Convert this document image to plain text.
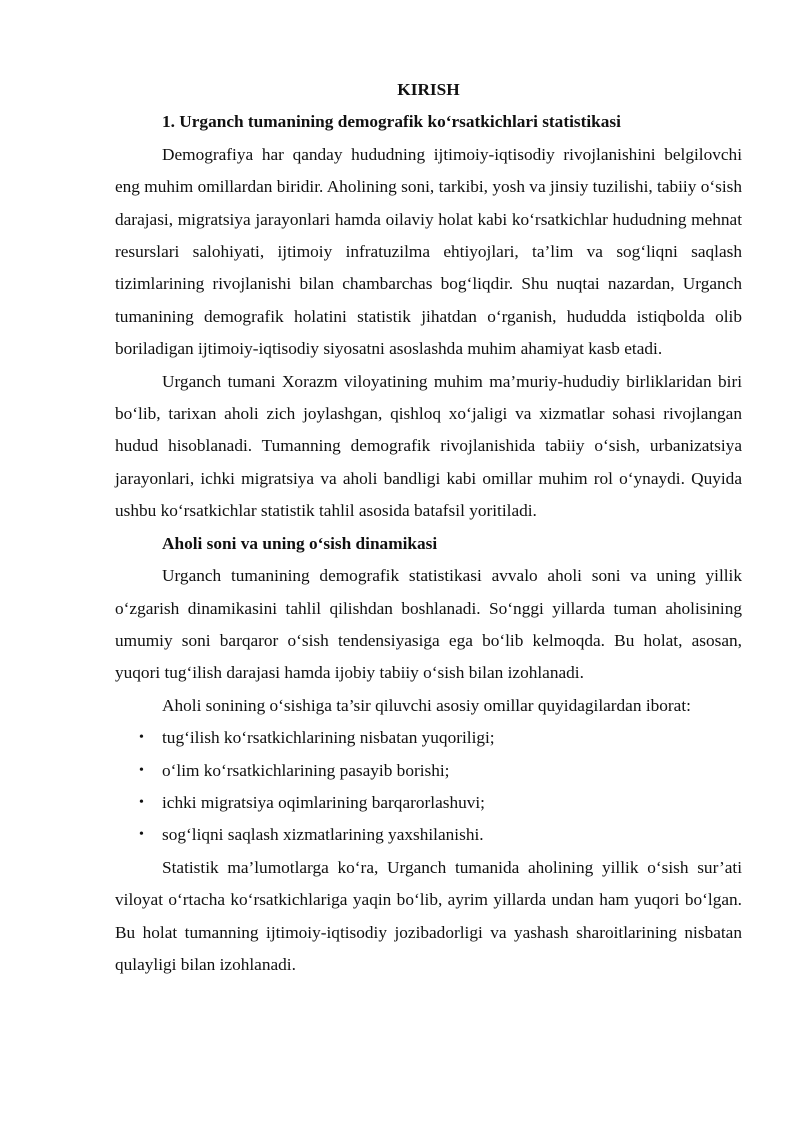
KIRISH

1. Urganch tumanining demografik ko‘rsatkichlari statistikasi

Demografiya har qanday hududning ijtimoiy-iqtisodiy rivojlanishini belgilovchi eng muhim omillardan biridir. Aholining soni, tarkibi, yosh va jinsiy tuzilishi, tabiiy o‘sish darajasi, migratsiya jarayonlari hamda oilaviy holat kabi ko‘rsatkichlar hududning mehnat resurslari salohiyati, ijtimoiy infratuzilma ehtiyojlari, ta’lim va sog‘liqni saqlash tizimlarining rivojlanishi bilan chambarchas bog‘liqdir. Shu nuqtai nazardan, Urganch tumanining demografik holatini statistik jihatdan o‘rganish, hududda istiqbolda olib boriladigan ijtimoiy-iqtisodiy siyosatni asoslashda muhim ahamiyat kasb etadi.

Urganch tumani Xorazm viloyatining muhim ma’muriy-hududiy birliklaridan biri bo‘lib, tarixan aholi zich joylashgan, qishloq xo‘jaligi va xizmatlar sohasi rivojlangan hudud hisoblanadi. Tumanning demografik rivojlanishida tabiiy o‘sish, urbanizatsiya jarayonlari, ichki migratsiya va aholi bandligi kabi omillar muhim rol o‘ynaydi. Quyida ushbu ko‘rsatkichlar statistik tahlil asosida batafsil yoritiladi.

Aholi soni va uning o‘sish dinamikasi

Urganch tumanining demografik statistikasi avvalo aholi soni va uning yillik o‘zgarish dinamikasini tahlil qilishdan boshlanadi. So‘nggi yillarda tuman aholisining umumiy soni barqaror o‘sish tendensiyasiga ega bo‘lib kelmoqda. Bu holat, asosan, yuqori tug‘ilish darajasi hamda ijobiy tabiiy o‘sish bilan izohlanadi.

Aholi sonining o‘sishiga ta’sir qiluvchi asosiy omillar quyidagilardan iborat:

• tug‘ilish ko‘rsatkichlarining nisbatan yuqoriligi;
• o‘lim ko‘rsatkichlarining pasayib borishi;
• ichki migratsiya oqimlarining barqarorlashuvi;
• sog‘liqni saqlash xizmatlarining yaxshilanishi.

Statistik ma’lumotlarga ko‘ra, Urganch tumanida aholining yillik o‘sish sur’ati viloyat o‘rtacha ko‘rsatkichlariga yaqin bo‘lib, ayrim yillarda undan ham yuqori bo‘lgan. Bu holat tumanning ijtimoiy-iqtisodiy jozibadorligi va yashash sharoitlarining nisbatan qulayligi bilan izohlanadi.
